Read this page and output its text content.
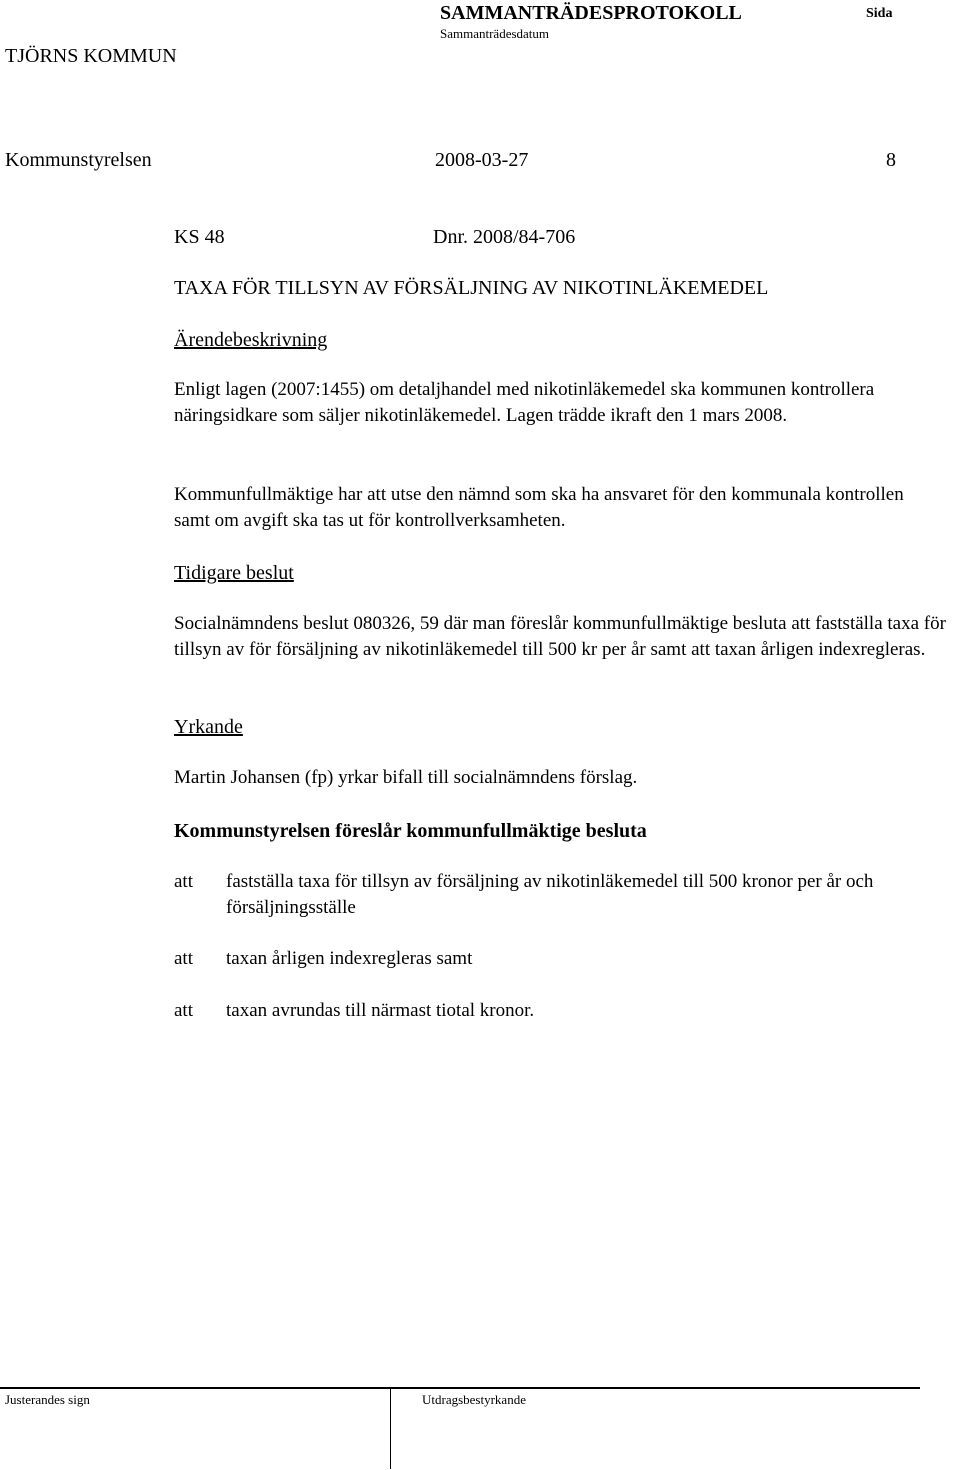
TJÖRNS KOMMUN
SAMMANTRÄDESPROTOKOLL
Sammanträdesdatum
Sida
Kommunstyrelsen	2008-03-27	8
KS 48	Dnr. 2008/84-706
TAXA FÖR TILLSYN AV FÖRSÄLJNING AV NIKOTINLÄKEMEDEL
Ärendebeskrivning
Enligt lagen (2007:1455) om detaljhandel med nikotinläkemedel ska kommunen kontrollera näringsidkare som säljer nikotinläkemedel. Lagen trädde ikraft den 1 mars 2008.
Kommunfullmäktige har att utse den nämnd som ska ha ansvaret för den kommunala kontrollen samt om avgift ska tas ut för kontrollverksamheten.
Tidigare beslut
Socialnämndens beslut 080326, 59 där man föreslår kommunfullmäktige besluta att fastställa taxa för tillsyn av för försäljning av nikotinläkemedel till 500 kr per år samt att taxan årligen indexregleras.
Yrkande
Martin Johansen (fp) yrkar bifall till socialnämndens förslag.
Kommunstyrelsen föreslår kommunfullmäktige besluta
att fastställa taxa för tillsyn av försäljning av nikotinläkemedel till 500 kronor per år och försäljningsställe
att taxan årligen indexregleras samt
att taxan avrundas till närmast tiotal kronor.
Justerandes sign	Utdragsbestyrkande
